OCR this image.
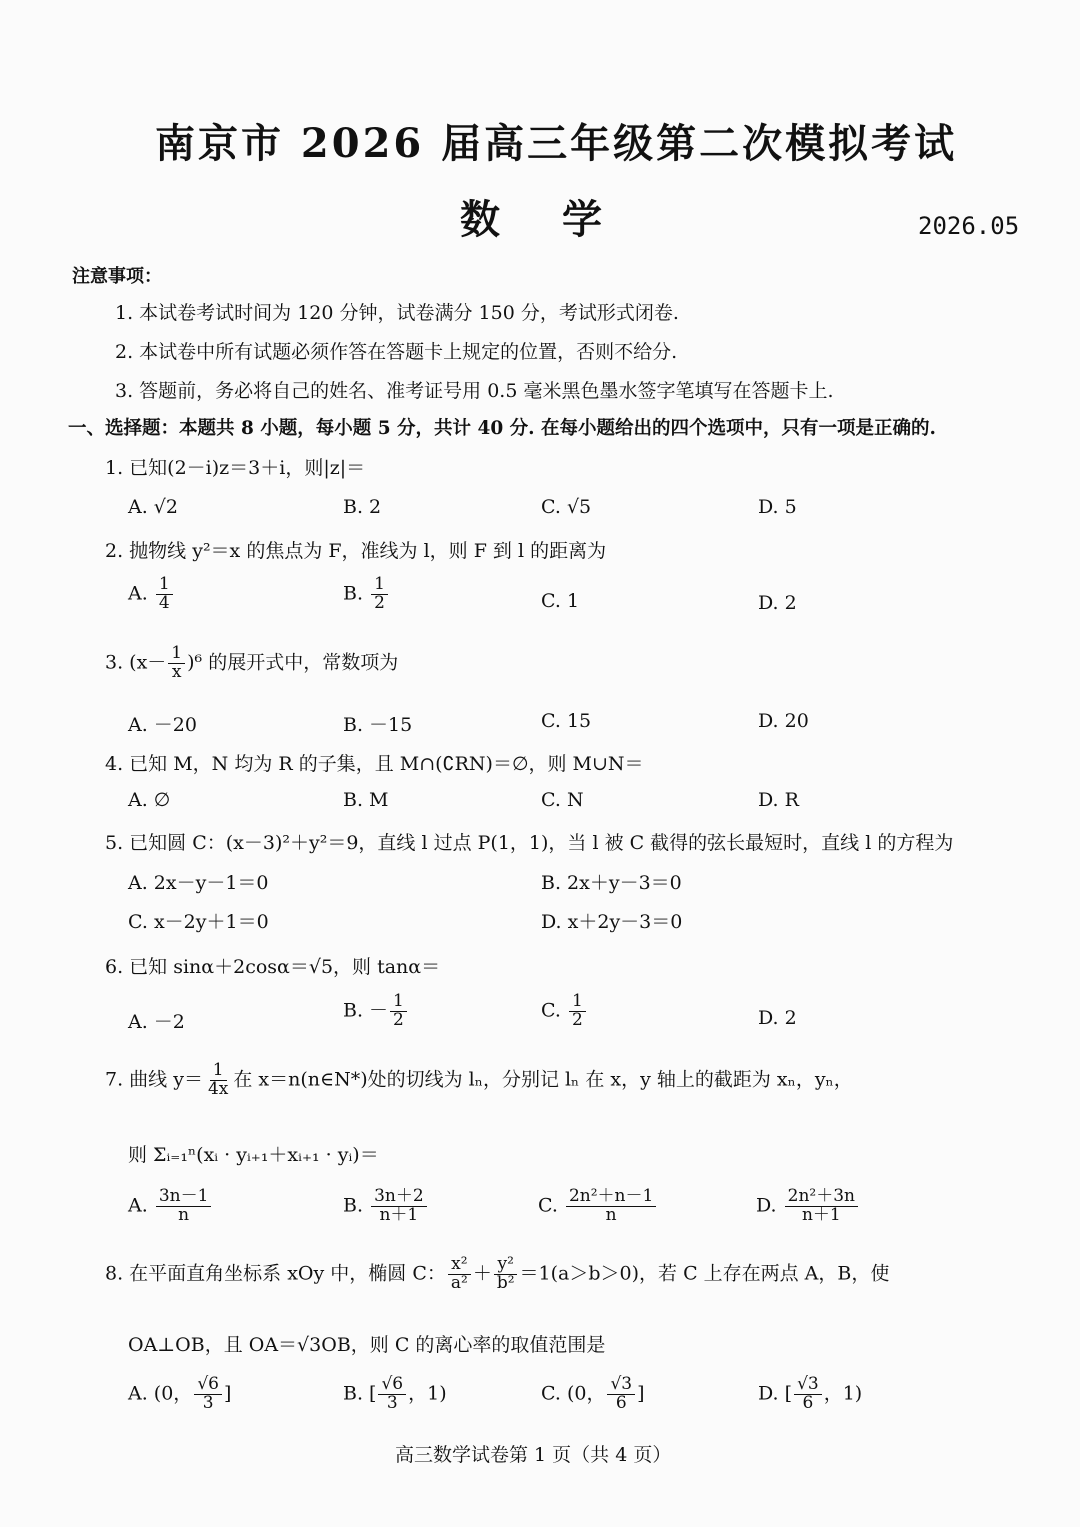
南京市 2026 届高三年级第二次模拟考试
数学	2026.05
注意事项：
1. 本试卷考试时间为 120 分钟，试卷满分 150 分，考试形式闭卷.
2. 本试卷中所有试题必须作答在答题卡上规定的位置，否则不给分.
3. 答题前，务必将自己的姓名、准考证号用 0.5 毫米黑色墨水签字笔填写在答题卡上.
一、选择题：本题共 8 小题，每小题 5 分，共计 40 分. 在每小题给出的四个选项中，只有一项是正确的.
1. 已知(2－i)z＝3＋i，则|z|＝
A. √2	B. 2	C. √5	D. 5
2. 抛物线 y²＝x 的焦点为 F，准线为 l，则 F 到 l 的距离为
A. $\frac{1}{4}$	B. $\frac{1}{2}$	C. 1	D. 2
3. $(x- \frac{1}{x} )^6$ 的展开式中，常数项为
A. －20	B. －15	C. 15	D. 20
4. 已知 M，N 均为 R 的子集，且 M∩(∁RN)＝∅，则 M∪N＝
A. ∅	B. M	C. N	D. R
5. 已知圆 C：(x－3)²＋y²＝9，直线 l 过点 P(1，1)，当 l 被 C 截得的弦长最短时，直线 l 的方程为
A. 2x－y－1＝0	B. 2x＋y－3＝0
C. x－2y＋1＝0	D. x＋2y－3＝0
6. 已知 sinα＋2cosα＝√5，则 tanα＝
A. －2
B. － $\frac{1}{2}$	C. $\frac{1}{2}$	D. 2
7. 曲线 $y= \frac{1}{4x}$ 在 x＝n(n∈N*)处的切线为 lₙ，分别记 lₙ 在 x，y 轴上的截距为 xₙ，yₙ，
则 Σᵢ₌₁ⁿ(xᵢ · yᵢ₊₁＋xᵢ₊₁ · yᵢ)＝
A. $\frac{3n-1}{n}$	B. $\frac{3n+2}{n+1}$	C. $\frac{\text{2n²＋n－1}}{n}$	D. $\frac{\text{2n²＋3n}}{n+1}$
8. 在平面直角坐标系 xOy 中，椭圆 C： $\frac{\text{x²}}{\text{a²}} + \frac{\text{y²}}{\text{b²}} =1(a>b>0)$，若 C 上存在两点 A，B，使
OA⊥OB，且 OA＝√3OB，则 C 的离心率的取值范围是
A. (0， $\frac{√6}{3}$ ]	B. [ $\frac{√6}{3}$ ，1)	C. (0， $\frac{√3}{6}$ ]	D. [ $\frac{√3}{6}$ ，1)
高三数学试卷第 1 页（共 4 页）
